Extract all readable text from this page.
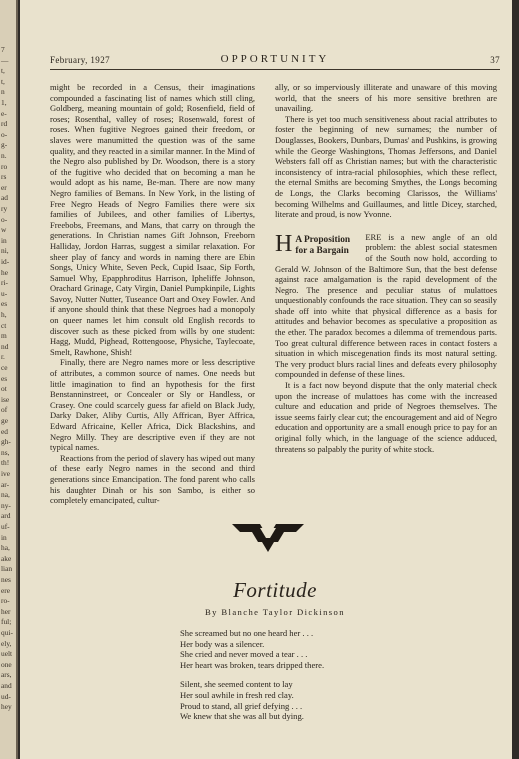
7
—
t,
t,
n
1,
e-
rd
o-
g-
n.
ro
rs
er
ad
ry
o-
w
in
ni,
id-
he
ri-
u-
es
h,
ct
m
nd
r.
ce
es
ot
ise
of
ge
ed
gh-
ns,
th!
ive
ar-
na,
ny-
ard
uf-
in
ha,
ake
lian
nes
ere
ro-
her
ful;
qui-
ely,
uelt
one
ars,
and
ud-
hey
February, 1927	OPPORTUNITY	37

might be recorded in a Census, their imaginations compounded a fascinating list of names which still cling, Goldberg, meaning mountain of gold; Rosenfield, field of roses; Rosenthal, valley of roses; Rosenwald, forest of roses. When fugitive Negroes gained their freedom, or slaves were manumitted the question was of the same quality, and they reacted in a similar manner. In the Mind of the Negro also published by Dr. Woodson, there is a story of the fugitive who decided that on becoming a man he would adopt as his name, Be-man. There are now many Negro families of Bemans. In New York, in the listing of Free Negro Heads of Negro Families there were six families of Jubilees, and other families of Libertys, Freebobs, Freemans, and Mans, that carry on through the generations. In Christian names Gift Johnson, Freeborn Halliday, Jordon Harras, suggest a similar relaxation. For sheer play of fancy and words in naming there are Ebin Songs, Unicy White, Seven Peck, Cupid Isaac, Sip Forth, Samuel Why, Epapphroditus Harrison, Ipheliffe Johnson, Orachard Grinage, Caty Virgin, Daniel Pumpkinpile, Lights Savoy, Nutter Nutter, Tuseance Oart and Oxey Fowler. And if anyone should think that these Negroes had a monopoly on queer names let him consult old English records to discover such as these picked from wills by one student: Hagg, Mudd, Pighead, Rottengoose, Physiche, Taylecoate, Smelt, Rawhone, Shish!

Finally, there are Negro names more or less descriptive of attributes, a common source of names. One needs but little imagination to find an hypothesis for the first Benstanninstreet, or Concealer or Sly or Handless, or Crasey. One could scarcely guess far afield on Black Judy, Darky Daker, Aliby Curtis, Ally Affrican, Byer Affrica, Edward Africaine, Keller Africa, Dick Blackshins, and Negro Milly. They are descriptive even if they are not typical names.

Reactions from the period of slavery has wiped out many of these early Negro names in the second and third generations since Emancipation. The fond parent who calls his daughter Dinah or his son Sambo, is either so completely emancipated, cultur-

ally, or so imperviously illiterate and unaware of this moving world, that the sneers of his more sensitive brethren are unavailing.

There is yet too much sensitiveness about racial attributes to foster the beginning of new surnames; the number of Douglasses, Bookers, Dunbars, Dumas' and Pushkins, is growing while the George Washingtons, Thomas Jeffersons, and Daniel Websters fall off as Christian names; but with the characteristic inconsistency of intra-racial philosophies, which these reflect, the eternal Smiths are becoming Smythes, the Longs becoming de Longs, the Clarks becoming Clarissos, the Williams' becoming Wilhelms and Guillaumes, and little Dicey, starched, literate and proud, is now Yvonne.

H A Proposition for a Bargain

ERE is a new angle of an old problem: the ablest social statesmen of the South now hold, according to Gerald W. Johnson of the Baltimore Sun, that the best defense against race amalgamation is the rapid development of the Negro. The presence and peculiar status of mulattoes unquestionably confounds the race situation. They can so seasily shade off into white that physical difference as a basis for attitudes and behavior becomes as speculative a proposition as the ether. The paradox becomes a dilemma of tremendous parts. Too great cultural difference between races in contact fosters a situation in which miscegenation finds its most natural setting. The very product blurs racial lines and defeats every philosophy compounded in defense of these lines.

It is a fact now beyond dispute that the only material check upon the increase of mulattoes has come with the increased culture and education and pride of Negroes themselves. The issue seems fairly clear cut; the encouragement and aid of Negro education and opportunity are a small enough price to pay for an original folly which, in the language of the science adduced, threatens so palpably the purity of white stock.

Fortitude
By Blanche Taylor Dickinson
She screamed but no one heard her . . .
Her body was a silencer.
She cried and never moved a tear . . .
Her heart was broken, tears dripped there.
Silent, she seemed content to lay
Her soul awhile in fresh red clay.
Proud to stand, all grief defying . . .
We knew that she was all but dying.
